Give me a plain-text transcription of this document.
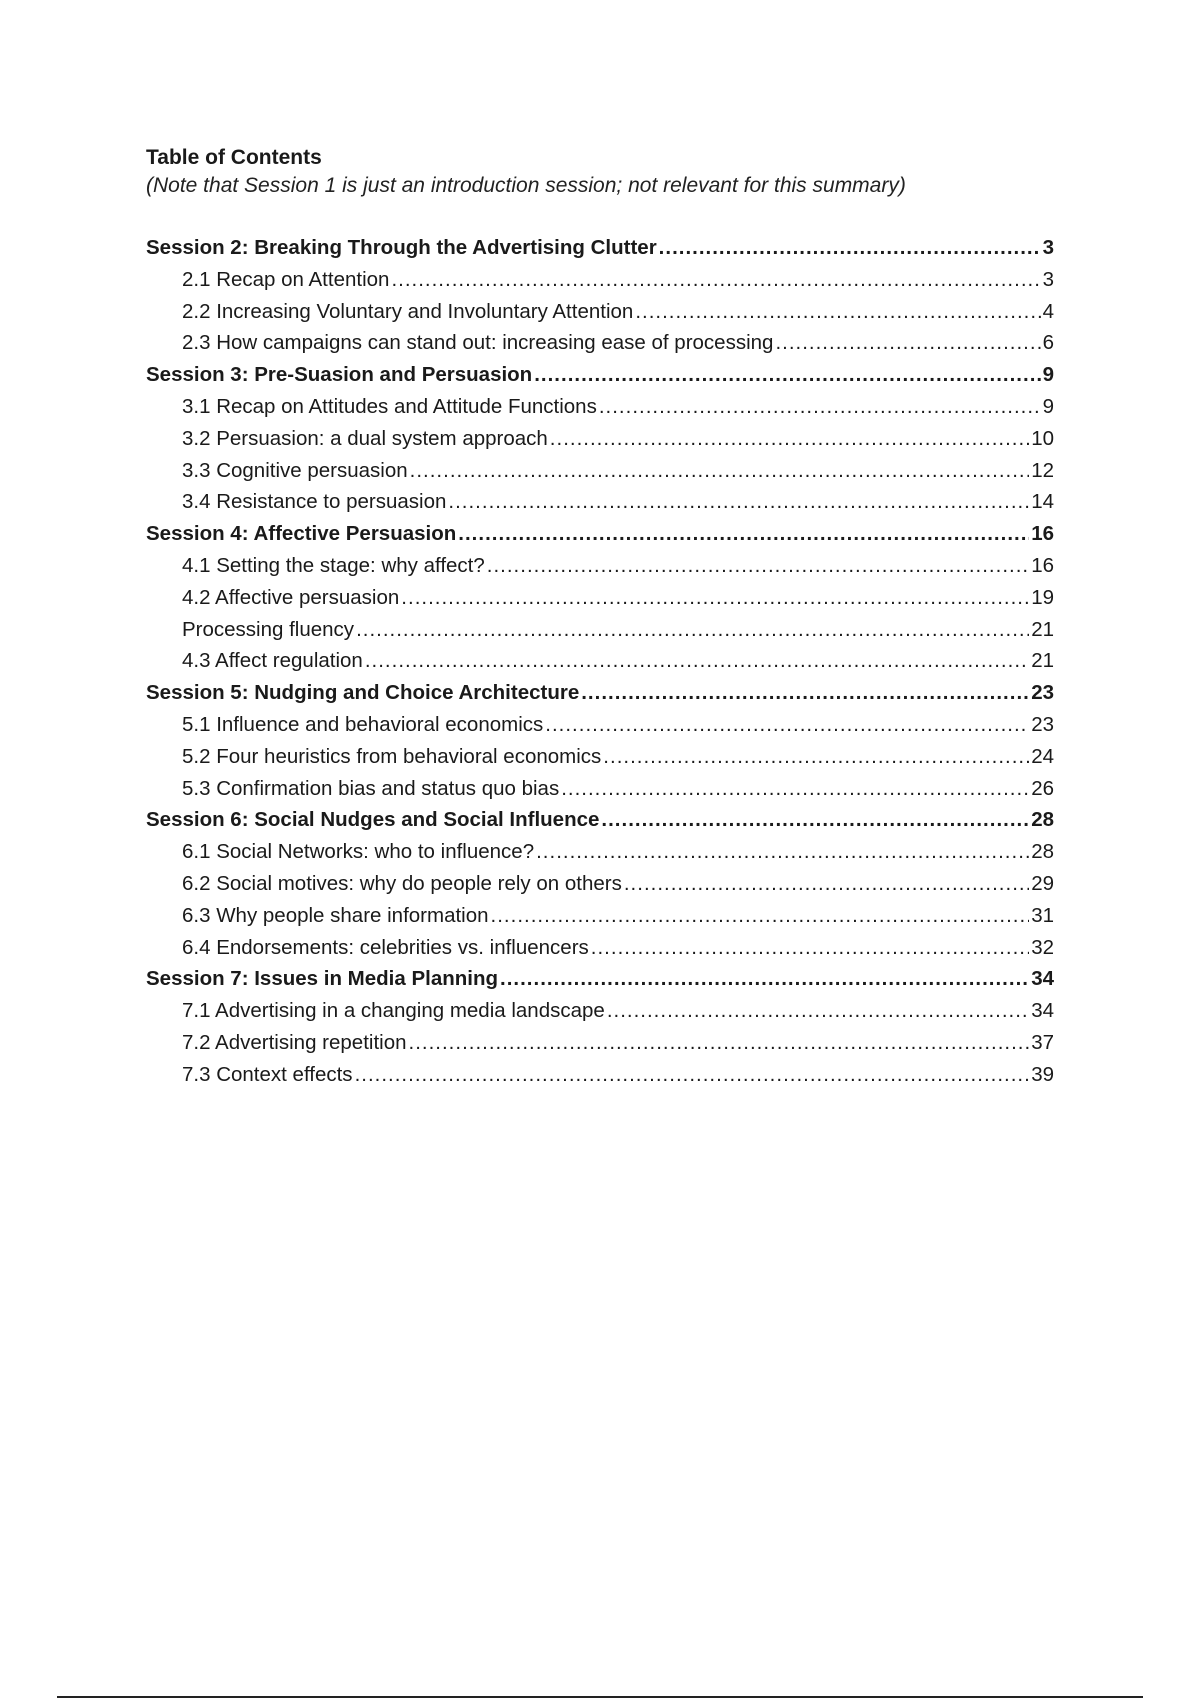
Table of Contents

(Note that Session 1 is just an introduction session; not relevant for this summary)

Session 2: Breaking Through the Advertising Clutter .....	3
2.1 Recap on Attention .....	3
2.2 Increasing Voluntary and Involuntary Attention .....	4
2.3 How campaigns can stand out: increasing ease of processing .....	6
Session 3: Pre-Suasion and Persuasion .....	9
3.1 Recap on Attitudes and Attitude Functions .....	9
3.2 Persuasion: a dual system approach .....	10
3.3 Cognitive persuasion .....	12
3.4 Resistance to persuasion .....	14
Session 4: Affective Persuasion .....	16
4.1 Setting the stage: why affect? .....	16
4.2 Affective persuasion .....	19
Processing fluency .....	21
4.3 Affect regulation .....	21
Session 5: Nudging and Choice Architecture .....	23
5.1 Influence and behavioral economics .....	23
5.2 Four heuristics from behavioral economics .....	24
5.3 Confirmation bias and status quo bias .....	26
Session 6: Social Nudges and Social Influence .....	28
6.1 Social Networks: who to influence? .....	28
6.2 Social motives: why do people rely on others .....	29
6.3 Why people share information .....	31
6.4 Endorsements: celebrities vs. influencers .....	32
Session 7: Issues in Media Planning .....	34
7.1 Advertising in a changing media landscape .....	34
7.2 Advertising repetition .....	37
7.3 Context effects .....	39
